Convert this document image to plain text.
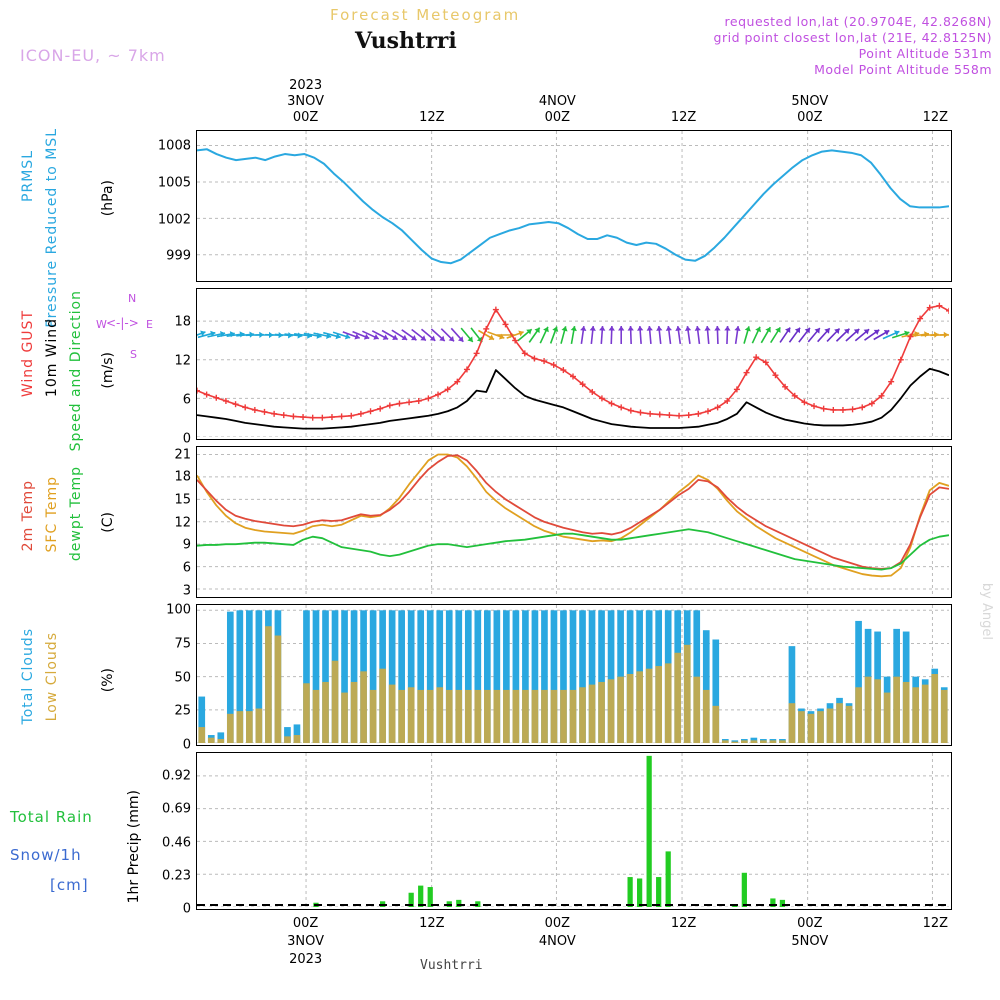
Forecast Meteogram
Vushtrri
ICON-EU, ~ 7km
requested lon,lat (20.9704E, 42.8268N)
grid point closest lon,lat (21E, 42.8125N)
Point Altitude 531m
Model Point Altitude 558m
by Angel
Vushtrri
2023
3NOV
00Z	12Z
4NOV
00Z	12Z
5NOV
00Z	12Z
999
1002
1005
1008
PRMSL Pressure Reduced to MSL	(hPa)
0
6
12
18
Wind GUST 10m Wind Speed and Direction (m/s)
N
W	E
S
<-|->
3
6
9
12
15
18
21
2m Temp SFC Temp dewpt Temp (C)
0
25
50
75
100
Total Clouds Low Clouds	(%)
0
0.23
0.46
0.69
0.92
Total Rain
Snow/1h
[cm]	1hr Precip (mm)
00Z
3NOV
2023
12Z	00Z
4NOV
12Z	00Z
5NOV
12Z
